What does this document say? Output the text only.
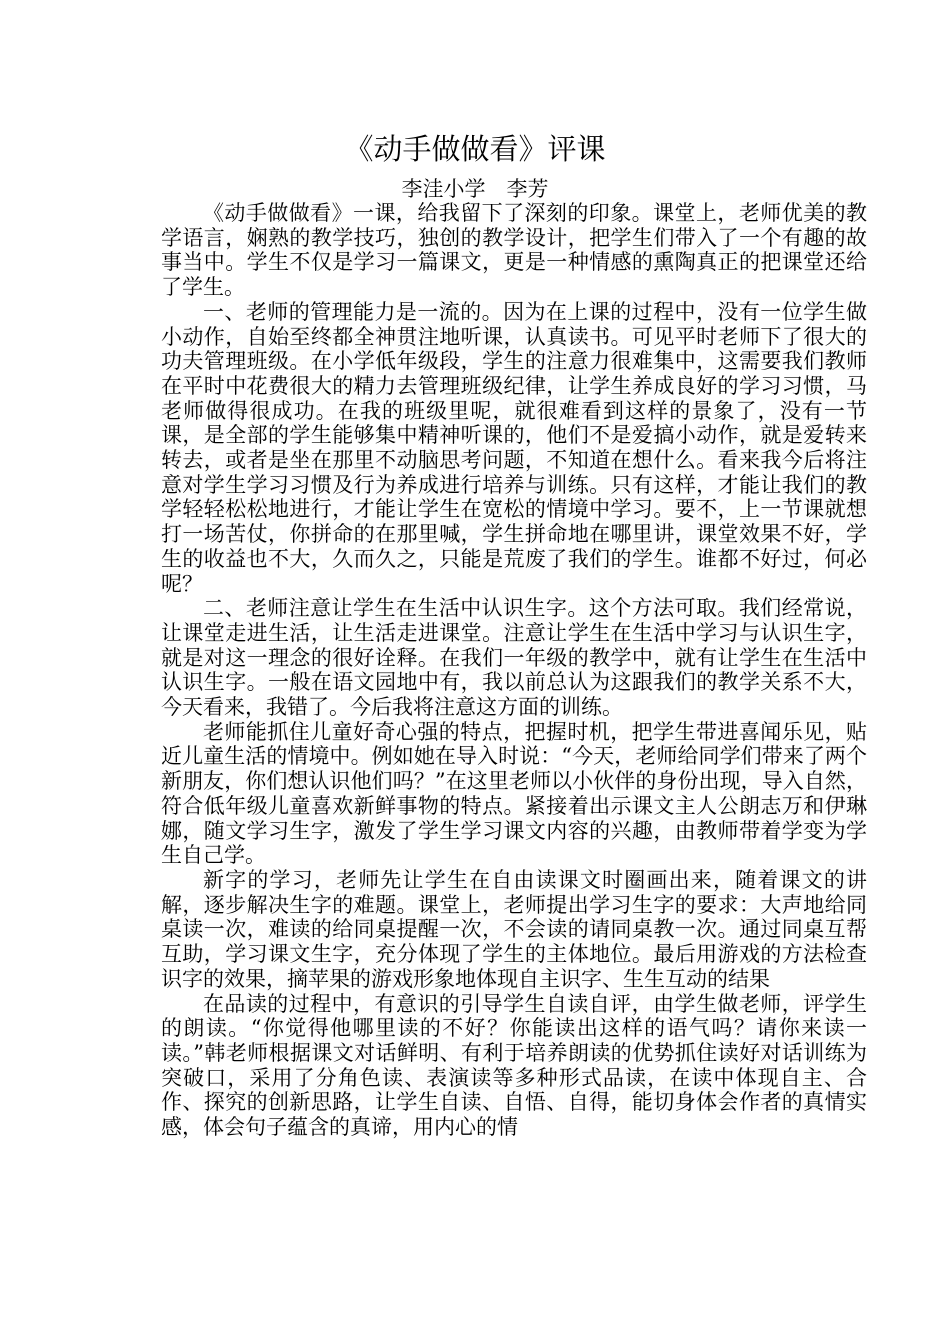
《动手做做看》评课
李洼小学　李芳

《动手做做看》一课，给我留下了深刻的印象。课堂上，老师优美的教学语言，娴熟的教学技巧，独创的教学设计，把学生们带入了一个有趣的故事当中。学生不仅是学习一篇课文，更是一种情感的熏陶真正的把课堂还给了学生。

一、老师的管理能力是一流的。因为在上课的过程中，没有一位学生做小动作，自始至终都全神贯注地听课，认真读书。可见平时老师下了很大的功夫管理班级。在小学低年级段，学生的注意力很难集中，这需要我们教师在平时中花费很大的精力去管理班级纪律，让学生养成良好的学习习惯，马老师做得很成功。在我的班级里呢，就很难看到这样的景象了，没有一节课，是全部的学生能够集中精神听课的，他们不是爱搞小动作，就是爱转来转去，或者是坐在那里不动脑思考问题，不知道在想什么。看来我今后将注意对学生学习习惯及行为养成进行培养与训练。只有这样，才能让我们的教学轻轻松松地进行，才能让学生在宽松的情境中学习。要不，上一节课就想打一场苦仗，你拼命的在那里喊，学生拼命地在哪里讲，课堂效果不好，学生的收益也不大，久而久之，只能是荒废了我们的学生。谁都不好过，何必呢？

二、老师注意让学生在生活中认识生字。这个方法可取。我们经常说，让课堂走进生活，让生活走进课堂。注意让学生在生活中学习与认识生字，就是对这一理念的很好诠释。在我们一年级的教学中，就有让学生在生活中认识生字。一般在语文园地中有，我以前总认为这跟我们的教学关系不大，今天看来，我错了。今后我将注意这方面的训练。

老师能抓住儿童好奇心强的特点，把握时机，把学生带进喜闻乐见，贴近儿童生活的情境中。例如她在导入时说：“今天，老师给同学们带来了两个新朋友，你们想认识他们吗？”在这里老师以小伙伴的身份出现，导入自然，符合低年级儿童喜欢新鲜事物的特点。紧接着出示课文主人公朗志万和伊琳娜，随文学习生字，激发了学生学习课文内容的兴趣，由教师带着学变为学生自己学。

新字的学习，老师先让学生在自由读课文时圈画出来，随着课文的讲解，逐步解决生字的难题。课堂上，老师提出学习生字的要求：大声地给同桌读一次，难读的给同桌提醒一次，不会读的请同桌教一次。通过同桌互帮互助，学习课文生字，充分体现了学生的主体地位。最后用游戏的方法检查识字的效果，摘苹果的游戏形象地体现自主识字、生生互动的结果

在品读的过程中，有意识的引导学生自读自评，由学生做老师，评学生的朗读。“你觉得他哪里读的不好？你能读出这样的语气吗？请你来读一读。”韩老师根据课文对话鲜明、有利于培养朗读的优势抓住读好对话训练为突破口，采用了分角色读、表演读等多种形式品读，在读中体现自主、合作、探究的创新思路，让学生自读、自悟、自得，能切身体会作者的真情实感，体会句子蕴含的真谛，用内心的情
